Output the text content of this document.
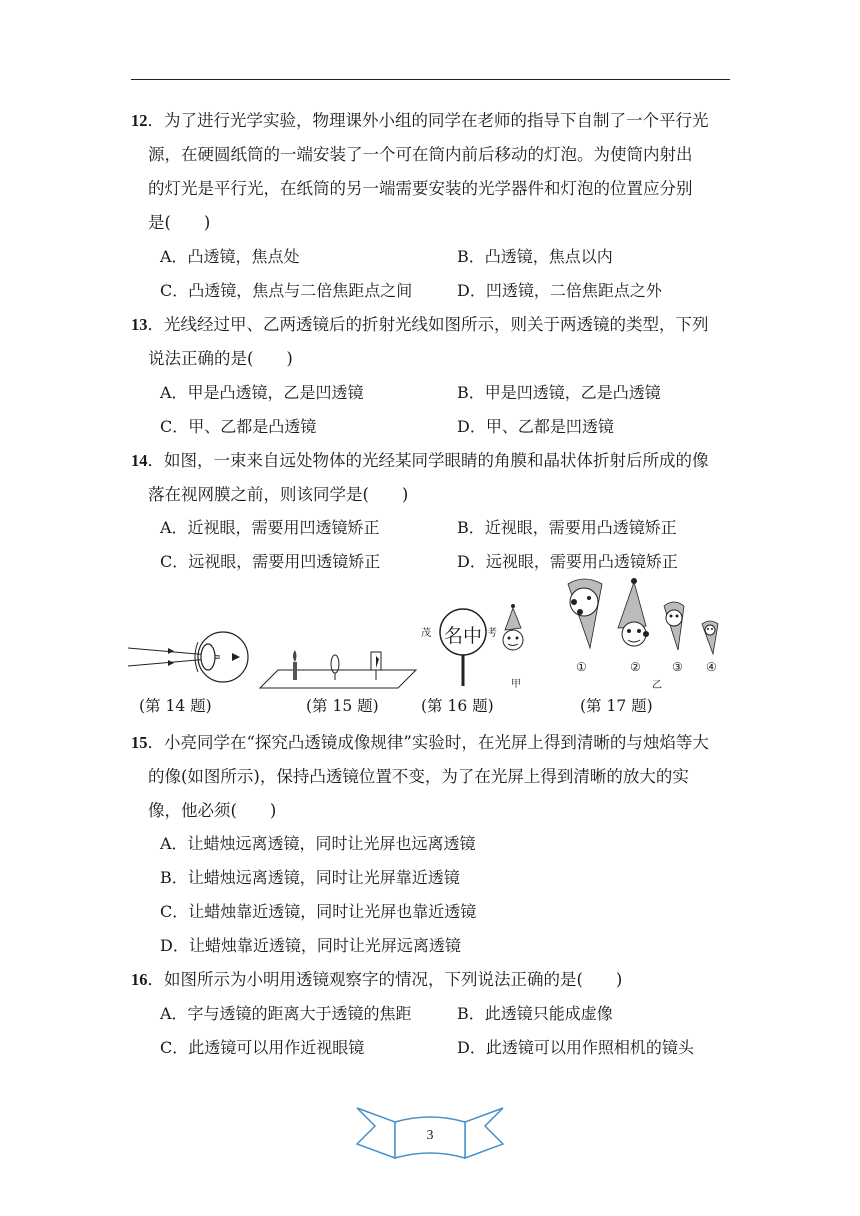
12．为了进行光学实验，物理课外小组的同学在老师的指导下自制了一个平行光
源，在硬圆纸筒的一端安装了一个可在筒内前后移动的灯泡。为使筒内射出
的灯光是平行光，在纸筒的另一端需要安装的光学器件和灯泡的位置应分别
是(　　)
A．凸透镜，焦点处	B．凸透镜，焦点以内
C．凸透镜，焦点与二倍焦距点之间	D．凹透镜，二倍焦距点之外
13．光线经过甲、乙两透镜后的折射光线如图所示，则关于两透镜的类型，下列
说法正确的是(　　)
A．甲是凸透镜，乙是凹透镜	B．甲是凹透镜，乙是凸透镜
C．甲、乙都是凸透镜	D．甲、乙都是凹透镜
14．如图，一束来自远处物体的光经某同学眼睛的角膜和晶状体折射后所成的像
落在视网膜之前，则该同学是(　　)
A．近视眼，需要用凹透镜矫正	B．近视眼，需要用凸透镜矫正
C．远视眼，需要用凹透镜矫正	D．远视眼，需要用凸透镜矫正
茂 名中 考
甲
①	②	③ ④
乙
(第 14 题)	(第 15 题)	(第 16 题)	(第 17 题)
15．小亮同学在“探究凸透镜成像规律”实验时，在光屏上得到清晰的与烛焰等大
的像(如图所示)，保持凸透镜位置不变，为了在光屏上得到清晰的放大的实
像，他必须(　　)
A．让蜡烛远离透镜，同时让光屏也远离透镜
B．让蜡烛远离透镜，同时让光屏靠近透镜
C．让蜡烛靠近透镜，同时让光屏也靠近透镜
D．让蜡烛靠近透镜，同时让光屏远离透镜
16．如图所示为小明用透镜观察字的情况，下列说法正确的是(　　)
A．字与透镜的距离大于透镜的焦距	B．此透镜只能成虚像
C．此透镜可以用作近视眼镜	D．此透镜可以用作照相机的镜头
3
